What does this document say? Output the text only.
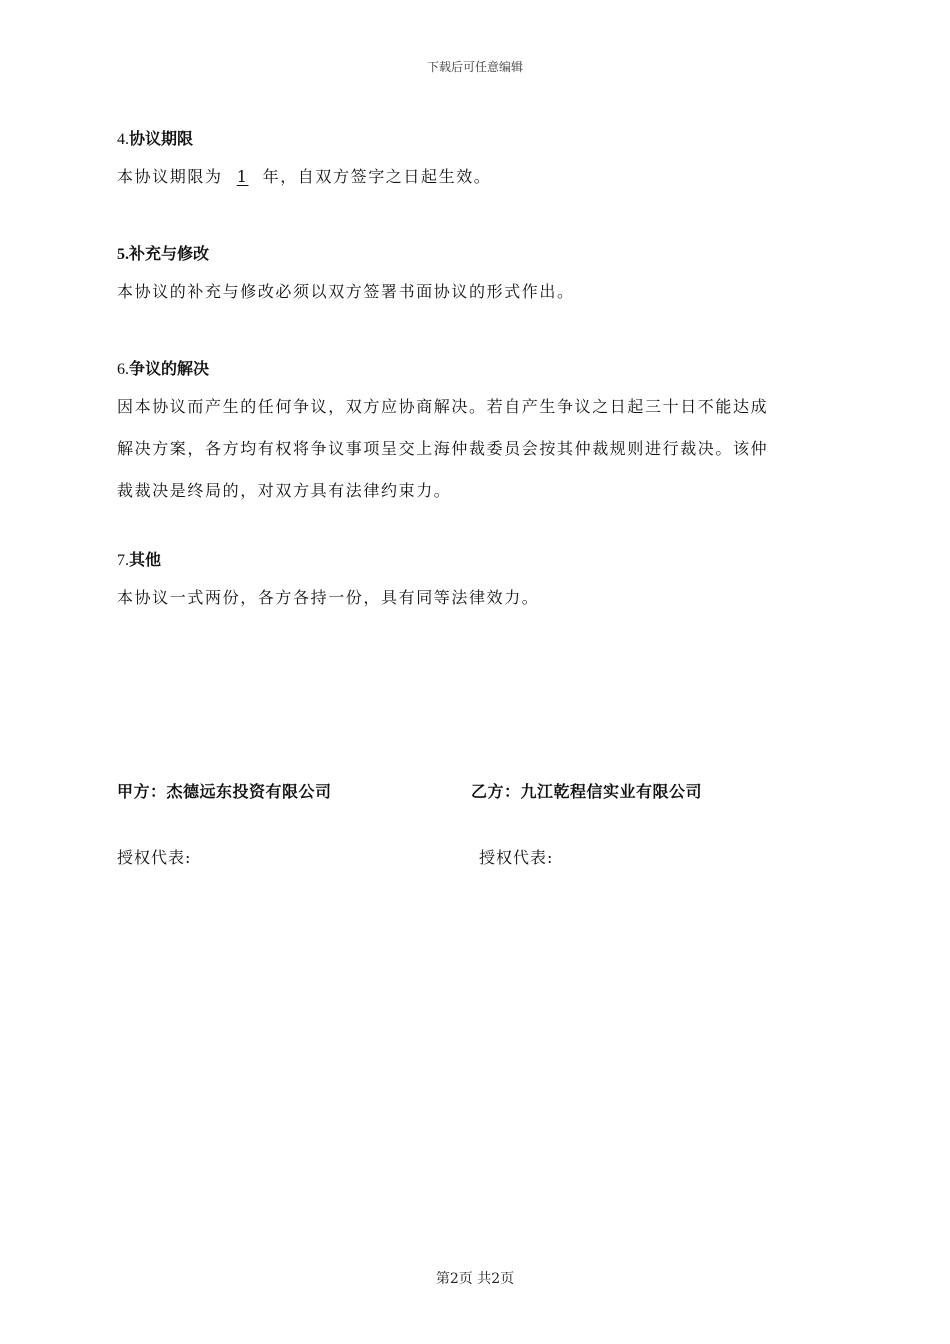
下载后可任意编辑
4.协议期限
本协议期限为 1 年，自双方签字之日起生效。
5.补充与修改
本协议的补充与修改必须以双方签署书面协议的形式作出。
6.争议的解决
因本协议而产生的任何争议，双方应协商解决。若自产生争议之日起三十日不能达成
解决方案，各方均有权将争议事项呈交上海仲裁委员会按其仲裁规则进行裁决。该仲
裁裁决是终局的，对双方具有法律约束力。
7.其他
本协议一式两份，各方各持一份，具有同等法律效力。
甲方：杰德远东投资有限公司	乙方：九江乾程信实业有限公司
授权代表:	授权代表:
第2页 共2页
